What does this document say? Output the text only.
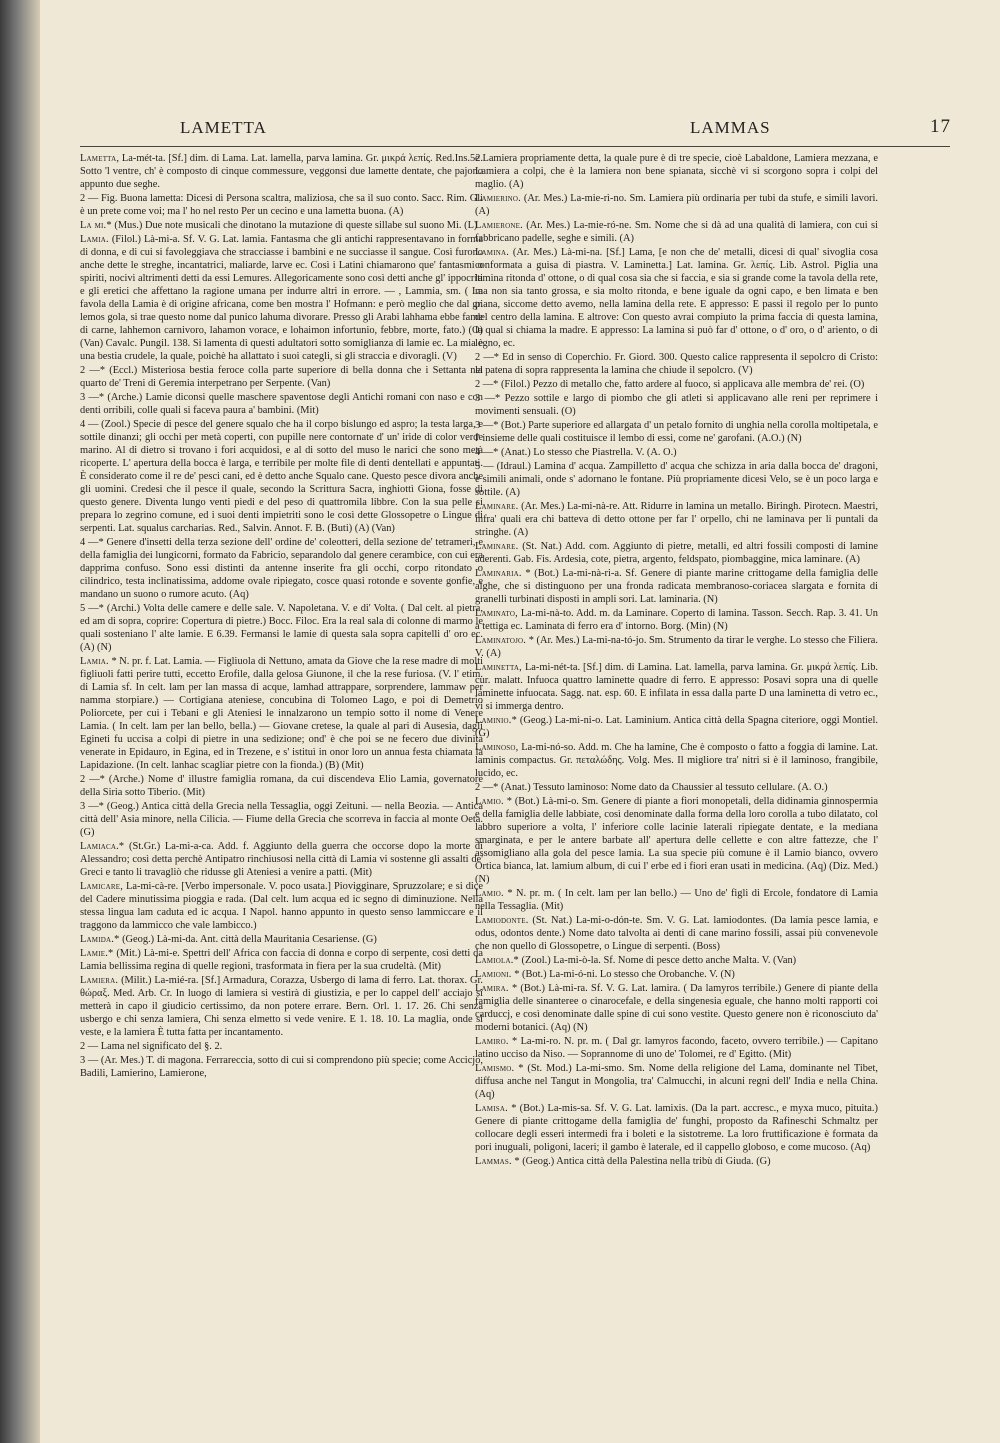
LAMETTA	LAMMAS	17

Lametta, La-mét-ta. [Sf.] dim. di Lama. Lat. lamella, parva lamina. Gr. μικρά λεπίς. Red.Ins.52. Sotto 'l ventre, ch' è composto di cinque commessure, veggonsi due lamette dentate, che pajono appunto due seghe.

2 — Fig. Buona lametta: Dicesi di Persona scaltra, maliziosa, che sa il suo conto. Sacc. Rim. Gli è un prete come voi; ma l' ho nel resto Per un cecino e una lametta buona. (A)

La mi.* (Mus.) Due note musicali che dinotano la mutazione di queste sillabe sul suono Mi. (L)

Lamia. (Filol.) Là-mi-a. Sf. V. G. Lat. lamia. Fantasma che gli antichi rappresentavano in forma di donna, e di cui si favoleggiava che stracciasse i bambini e ne succiasse il sangue. Così furono anche dette le streghe, incantatrici, maliarde, larve ec. Così i Latini chiamarono que' fantasmi o spiriti, nocivi altrimenti detti da essi Lemures. Allegoricamente sono così detti anche gl' ippocriti e gli eretici che affettano la ragione umana per indurre altri in errore. — , Lammia, sm. ( La favola della Lamia è di origine africana, come ben mostra l' Hofmann: e però meglio che dal gr. lemos gola, si trae questo nome dal punico lahuma divorare. Presso gli Arabi lahhama ebbe fame di carne, lahhemon carnivoro, lahamon vorace, e lohaimon infortunio, febbre, morte, fato.) (O) (Van) Cavalc. Pungil. 138. Si lamenta di questi adultatori sotto somiglianza di lamie ec. La mia è una bestia crudele, la quale, poichè ha allattato i suoi categli, si gli straccia e divoragli. (V)

2 —* (Eccl.) Misteriosa bestia feroce colla parte superiore di bella donna che i Settanta nel quarto de' Treni di Geremia interpetrano per Serpente. (Van)

3 —* (Arche.) Lamie diconsi quelle maschere spaventose degli Antichi romani con naso e con denti orribili, colle quali si faceva paura a' bambini. (Mit)

4 — (Zool.) Specie di pesce del genere squalo che ha il corpo bislungo ed aspro; la testa larga, e sottile dinanzi; gli occhi per metà coperti, con pupille nere contornate d' un' iride di color verde marino. Al di dietro si trovano i fori acquidosi, e al di sotto del muso le narici che sono metà ricoperte. L' apertura della bocca è larga, e terribile per molte file di denti dentellati e appuntati. È considerato come il re de' pesci cani, ed è detto anche Squalo cane. Questo pesce divora anche gli uomini. Credesi che il pesce il quale, secondo la Scrittura Sacra, inghiottì Giona, fosse di questo genere. Diventa lungo venti piedi e del peso di quattromila libbre. Con la sua pelle si prepara lo zegrino comune, ed i suoi denti impietriti sono le così dette Glossopetre o Lingue di serpenti. Lat. squalus carcharias. Red., Salvin. Annot. F. B. (Buti) (A) (Van)

4 —* Genere d'insetti della terza sezione dell' ordine de' coleotteri, della sezione de' tetrameri, e della famiglia dei lungicorni, formato da Fabricio, separandolo dal genere cerambice, con cui era dapprima confuso. Sono essi distinti da antenne inserite fra gli occhi, corpo ritondato o cilindrico, testa inclinatissima, addome ovale ripiegato, cosce quasi rotonde e sovente gonfie, e mandano un suono o rumore acuto. (Aq)

5 —* (Archi.) Volta delle camere e delle sale. V. Napoletana. V. e di' Volta. ( Dal celt. al pietra, ed am di sopra, coprire: Copertura di pietre.) Bocc. Filoc. Era la real sala di colonne di marmo le quali sosteniano l' alte lamie. E 6.39. Fermansi le lamie di questa sala sopra capitelli d' oro ec. (A) (N)

Lamia. * N. pr. f. Lat. Lamia. — Figliuola di Nettuno, amata da Giove che la rese madre di molti figliuoli fatti perire tutti, eccetto Erofile, dalla gelosa Giunone, il che la rese furiosa. (V. l' etim. di Lamia sf. In celt. lam per lan massa di acque, lamhad attrappare, sorprendere, lammaw per namma storpiare.) — Cortigiana ateniese, concubina di Tolomeo Lago, e poi di Demetrio Poliorcete, per cui i Tebani e gli Ateniesi le innalzarono un tempio sotto il nome di Venere Lamia. ( In celt. lam per lan bello, bella.) — Giovane cretese, la quale al pari di Ausesia, dagli Egineti fu uccisa a colpi di pietre in una sedizione; ond' è che poi se ne fecero due divinità venerate in Epidauro, in Egina, ed in Trezene, e s' istituì in onor loro un annua festa chiamata la Lapidazione. (In celt. lanhac scagliar pietre con la fionda.) (B) (Mit)

2 —* (Arche.) Nome d' illustre famiglia romana, da cui discendeva Elio Lamia, governatore della Siria sotto Tiberio. (Mit)

3 —* (Geog.) Antica città della Grecia nella Tessaglia, oggi Zeituni. — nella Beozia. — Antica città dell' Asia minore, nella Cilicia. — Fiume della Grecia che scorreva in faccia al monte Oeta. (G)

Lamiaca.* (St.Gr.) La-mì-a-ca. Add. f. Aggiunto della guerra che occorse dopo la morte di Alessandro; così detta perchè Antipatro rinchiusosi nella città di Lamia vi sostenne gli assalti de' Greci e tanto li travagliò che ridusse gli Ateniesi a venire a patti. (Mit)

Lamicare, La-mi-cà-re. [Verbo impersonale. V. poco usata.] Piovigginare, Spruzzolare; e si dice del Cadere minutissima pioggia e rada. (Dal celt. lum acqua ed ic segno di diminuzione. Nella stessa lingua lam caduta ed ic acqua. I Napol. hanno appunto in questo senso lammiccare e il traggono da lammicco che vale lambicco.)

Lamida.* (Geog.) Là-mi-da. Ant. città della Mauritania Cesariense. (G)

Lamie.* (Mit.) Là-mi-e. Spettri dell' Africa con faccia di donna e corpo di serpente, così detti da Lamia bellissima regina di quelle regioni, trasformata in fiera per la sua crudeltà. (Mit)

Lamiera. (Milit.) La-mié-ra. [Sf.] Armadura, Corazza, Usbergo di lama di ferro. Lat. thorax. Gr. θώραξ. Med. Arb. Cr. In luogo di lamiera si vestirà di giustizia, e per lo cappel dell' acciajo si metterà in capo il giudicio certissimo, da non potere errare. Bern. Orl. 1. 17. 26. Chi senza usbergo e chi senza lamiera, Chi senza elmetto si vede venire. E 1. 18. 10. La maglia, onde si veste, e la lamiera È tutta fatta per incantamento.

2 — Lama nel significato del §. 2.

3 — (Ar. Mes.) T. di magona. Ferrareccia, sotto di cui si comprendono più specie; come Accicjo, Badili, Lamierino, Lamierone,

e Lamiera propriamente detta, la quale pure è di tre specie, cioè Labaldone, Lamiera mezzana, e Lamiera a colpi, che è la lamiera non bene spianata, sicchè vi si scorgono sopra i colpi del maglio. (A)

Lamierino. (Ar. Mes.) La-mie-rì-no. Sm. Lamiera più ordinaria per tubi da stufe, e simili lavori. (A)

Lamierone. (Ar. Mes.) La-mie-ró-ne. Sm. Nome che si dà ad una qualità di lamiera, con cui si fabbricano padelle, seghe e simili. (A)

Lamina. (Ar. Mes.) Là-mi-na. [Sf.] Lama, [e non che de' metalli, dicesi di qual' sivoglia cosa conformata a guisa di piastra. V. Laminetta.] Lat. lamina. Gr. λεπίς. Lib. Astrol. Piglia una lamina ritonda d' ottone, o di qual cosa sia che si faccia, e sia si grande come la tavola della rete, ma non sia tanto grossa, e sia molto ritonda, e bene iguale da ogni capo, e ben limata e ben piana, siccome detto avemo, nella lamina della rete. E appresso: E passi il regolo per lo punto del centro della lamina. E altrove: Con questo avrai compiuto la prima faccia di questa lamina, la qual si chiama la madre. E appresso: La lamina si può far d' ottone, o d' oro, o d' ariento, o di legno, ec.

2 —* Ed in senso di Coperchio. Fr. Giord. 300. Questo calice rappresenta il sepolcro di Cristo: la patena di sopra rappresenta la lamina che chiude il sepolcro. (V)

2 —* (Filol.) Pezzo di metallo che, fatto ardere al fuoco, si applicava alle membra de' rei. (O)

3 —* Pezzo sottile e largo di piombo che gli atleti si applicavano alle reni per reprimere i movimenti sensuali. (O)

3 —* (Bot.) Parte superiore ed allargata d' un petalo fornito di unghia nella corolla moltipetala, e l' insieme delle quali costituisce il lembo di essi, come ne' garofani. (A.O.) (N)

4 —* (Anat.) Lo stesso che Piastrella. V. (A. O.)

5 — (Idraul.) Lamina d' acqua. Zampilletto d' acqua che schizza in aria dalla bocca de' dragoni, e simili animali, onde s' adornano le fontane. Più propriamente dicesi Velo, se è un poco larga e sottile. (A)

Laminare. (Ar. Mes.) La-mi-nà-re. Att. Ridurre in lamina un metallo. Biringh. Pirotecn. Maestri, infra' quali era chi batteva di detto ottone per far l' orpello, chi ne laminava per li puntali da stringhe. (A)

Laminare. (St. Nat.) Add. com. Aggiunto di pietre, metalli, ed altri fossili composti di lamine aderenti. Gab. Fis. Ardesia, cote, pietra, argento, feldspato, piombaggine, mica laminare. (A)

Laminaria. * (Bot.) La-mi-nà-ri-a. Sf. Genere di piante marine crittogame della famiglia delle alghe, che si distinguono per una fronda radicata membranoso-coriacea slargata e fornita di granelli turbinati disposti in ampli sori. Lat. laminaria. (N)

Laminato, La-mi-nà-to. Add. m. da Laminare. Coperto di lamina. Tasson. Secch. Rap. 3. 41. Un a tettiga ec. Laminata di ferro era d' intorno. Borg. (Min) (N)

Laminatojo. * (Ar. Mes.) La-mi-na-tó-jo. Sm. Strumento da tirar le verghe. Lo stesso che Filiera. V. (A)

Laminetta, La-mi-nét-ta. [Sf.] dim. di Lamina. Lat. lamella, parva lamina. Gr. μικρά λεπίς. Lib. cur. malatt. Infuoca quattro laminette quadre di ferro. E appresso: Posavi sopra una di quelle laminette infuocata. Sagg. nat. esp. 60. E infilata in essa dalla parte D una laminetta di vetro ec., vi si immerga dentro.

Laminio.* (Geog.) La-mì-ni-o. Lat. Laminium. Antica città della Spagna citeriore, oggi Montiel. (G)

Laminoso, La-mi-nó-so. Add. m. Che ha lamine, Che è composto o fatto a foggia di lamine. Lat. laminis compactus. Gr. πεταλώδης. Volg. Mes. Il migliore tra' nitri si è il laminoso, frangibile, lucido, ec.

2 —* (Anat.) Tessuto laminoso: Nome dato da Chaussier al tessuto cellulare. (A. O.)

Lamio. * (Bot.) Là-mi-o. Sm. Genere di piante a fiori monopetali, della didinamia ginnospermia e della famiglia delle labbiate, così denominate dalla forma della loro corolla a tubo dilatato, col labbro superiore a volta, l' inferiore colle lacinie laterali ripiegate dentate, e la mediana smarginata, e per le antere barbate all' apertura delle cellette e con altre fattezze, che l' assomigliano alla gola del pesce lamia. La sua specie più comune è il Lamio bianco, ovvero Ortica bianca, lat. lamium album, di cui l' erbe ed i fiori eran usati in medicina. (Aq) (Diz. Med.) (N)

Lamio. * N. pr. m. ( In celt. lam per lan bello.) — Uno de' figli di Ercole, fondatore di Lamia nella Tessaglia. (Mit)

Lamiodonte. (St. Nat.) La-mi-o-dón-te. Sm. V. G. Lat. lamiodontes. (Da lamia pesce lamia, e odus, odontos dente.) Nome dato talvolta ai denti di cane marino fossili, assai più convenevole che non quello di Glossopetre, o Lingue di serpenti. (Boss)

Lamiola.* (Zool.) La-mi-ò-la. Sf. Nome di pesce detto anche Malta. V. (Van)

Lamioni. * (Bot.) La-mi-ó-ni. Lo stesso che Orobanche. V. (N)

Lamira. * (Bot.) Là-mi-ra. Sf. V. G. Lat. lamira. ( Da lamyros terribile.) Genere di piante della famiglia delle sinanteree o cinarocefale, e della singenesia eguale, che hanno molti rapporti coi carduccj, e così denominate dalle spine di cui sono vestite. Questo genere non è riconosciuto da' moderni botanici. (Aq) (N)

Lamiro. * La-mi-ro. N. pr. m. ( Dal gr. lamyros facondo, faceto, ovvero terribile.) — Capitano latino ucciso da Niso. — Soprannome di uno de' Tolomei, re d' Egitto. (Mit)

Lamismo. * (St. Mod.) La-mi-smo. Sm. Nome della religione del Lama, dominante nel Tibet, diffusa anche nel Tangut in Mongolia, tra' Calmucchi, in alcuni regni dell' India e nella China. (Aq)

Lamisa. * (Bot.) La-mis-sa. Sf. V. G. Lat. lamixis. (Da la part. accresc., e myxa muco, pituita.) Genere di piante crittogame della famiglia de' funghi, proposto da Rafineschi Schmaltz per collocare degli esseri intermedi fra i boleti e la sistotreme. La loro fruttificazione è formata da pori inuguali, poligoni, laceri; il gambo è laterale, ed il cappello globoso, e come mucoso. (Aq)

Lammas. * (Geog.) Antica città della Palestina nella tribù di Giuda. (G)
